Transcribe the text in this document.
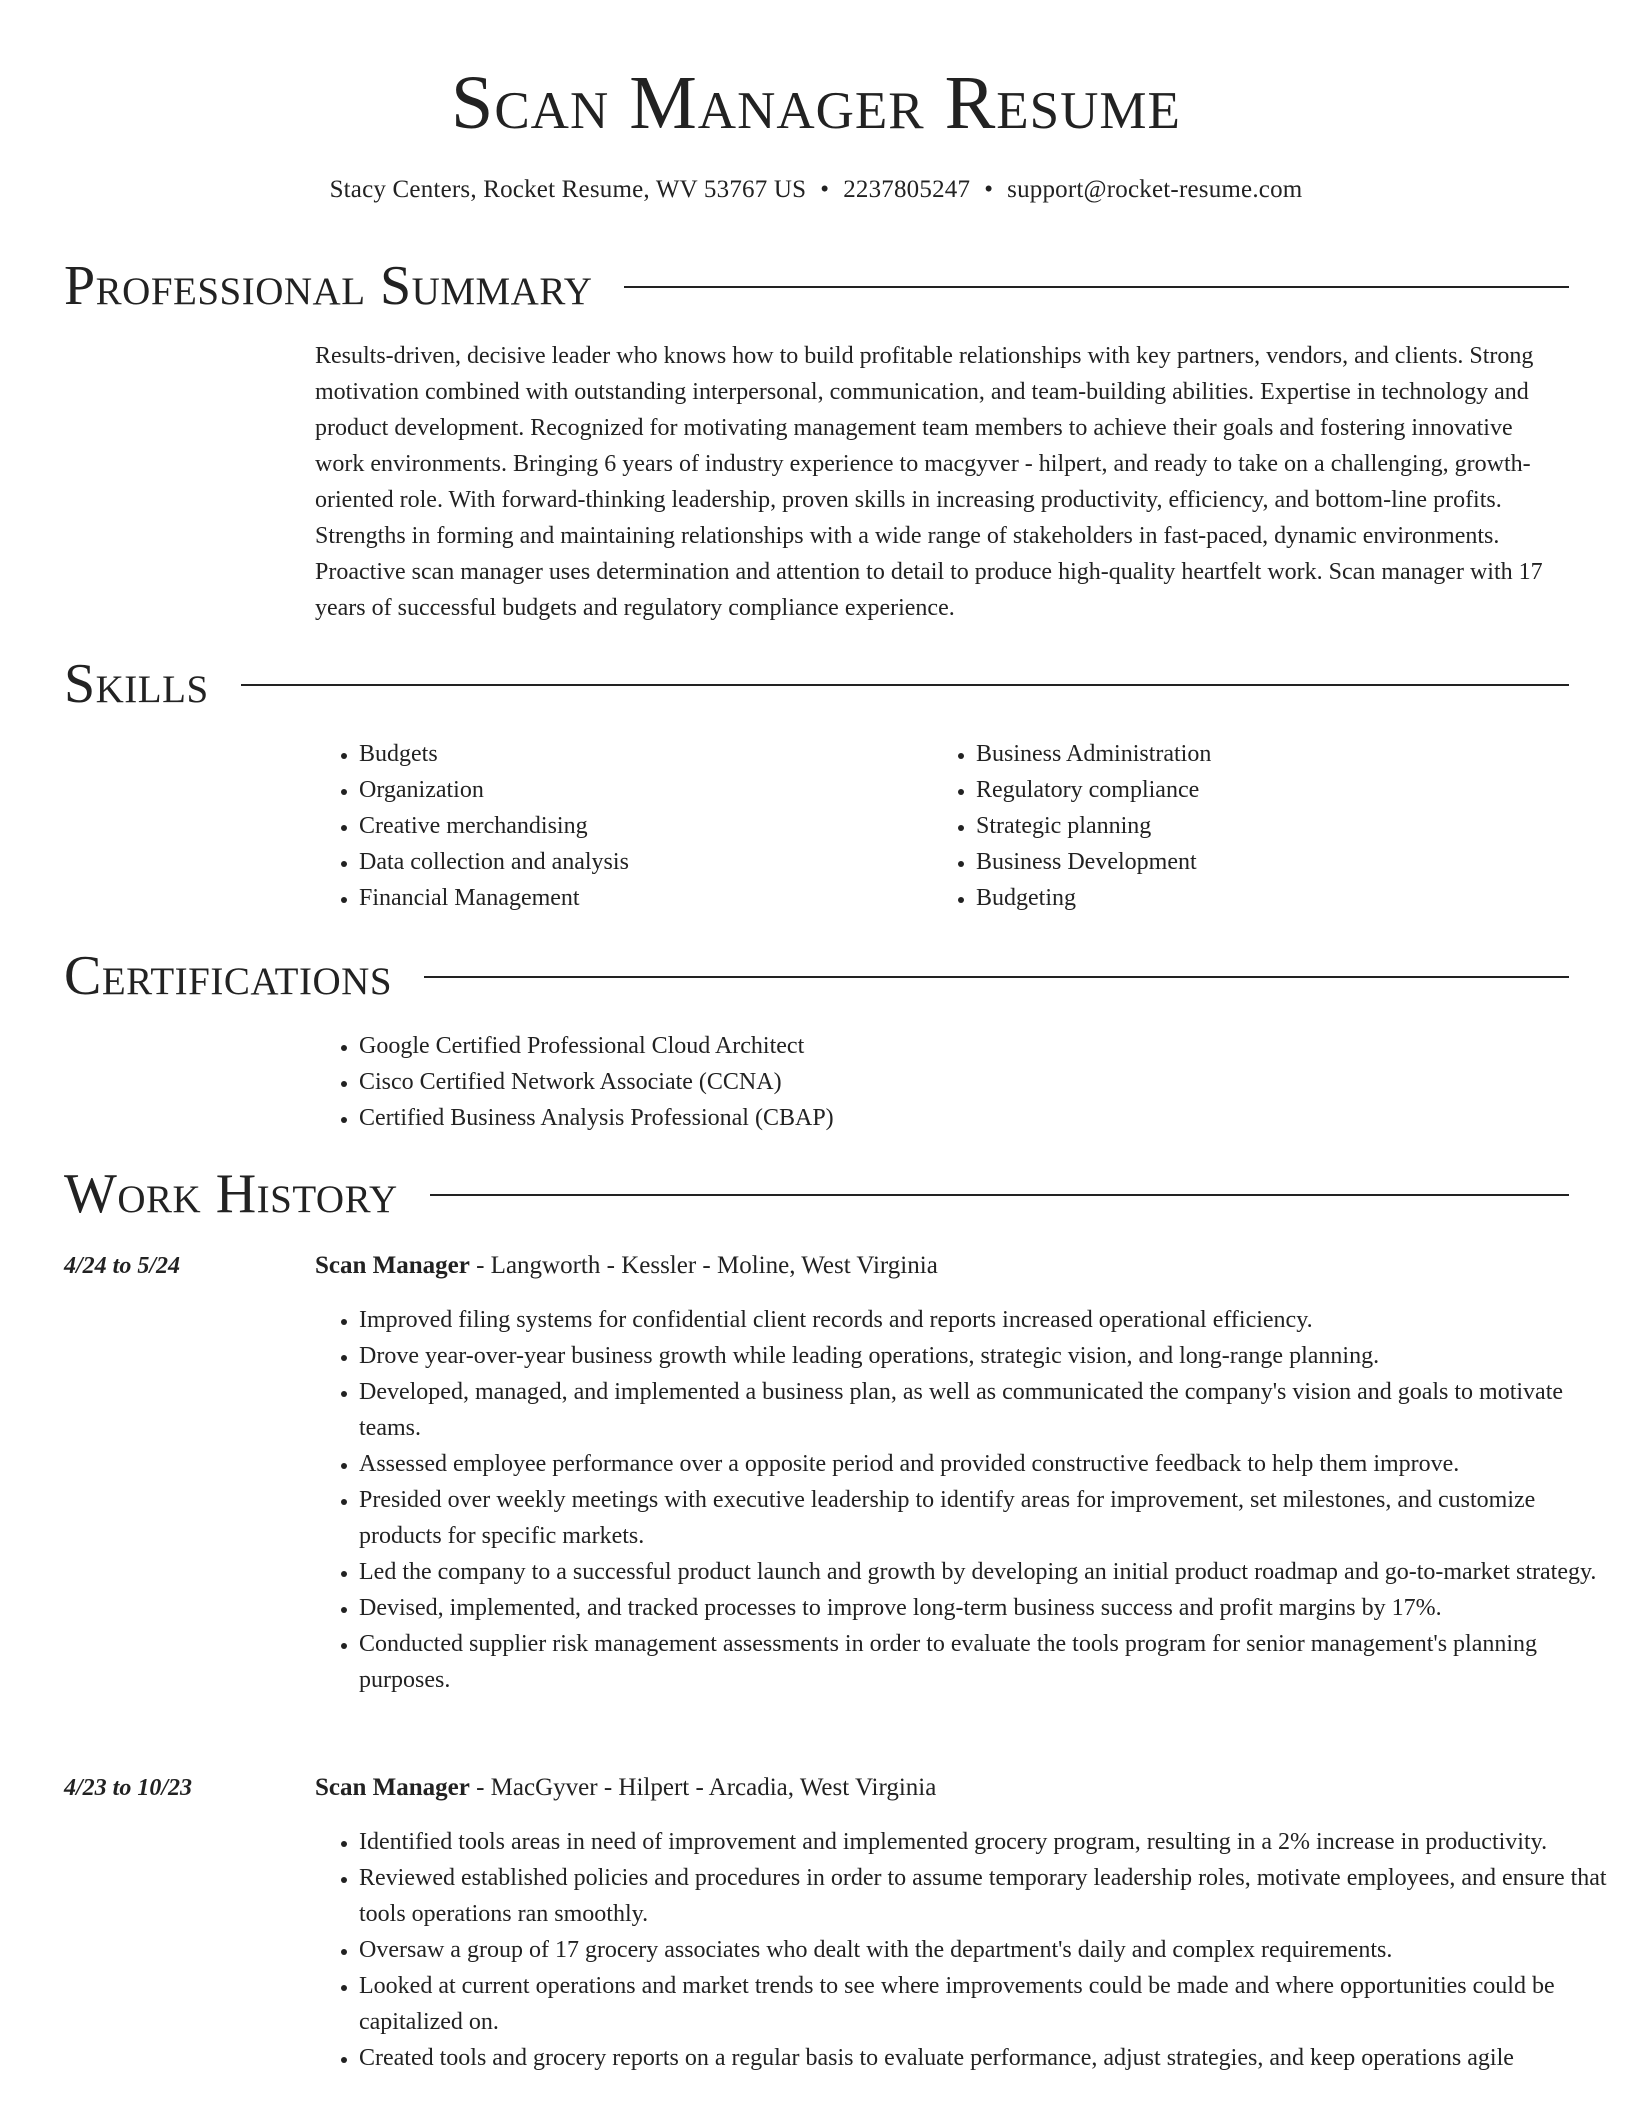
Scan Manager Resume
Stacy Centers, Rocket Resume, WV 53767 US • 2237805247 • support@rocket-resume.com
Professional Summary

Results-driven, decisive leader who knows how to build profitable relationships with key partners, vendors, and clients. Strong motivation combined with outstanding interpersonal, communication, and team-building abilities. Expertise in technology and product development. Recognized for motivating management team members to achieve their goals and fostering innovative work environments. Bringing 6 years of industry experience to macgyver - hilpert, and ready to take on a challenging, growth-oriented role. With forward-thinking leadership, proven skills in increasing productivity, efficiency, and bottom-line profits. Strengths in forming and maintaining relationships with a wide range of stakeholders in fast-paced, dynamic environments. Proactive scan manager uses determination and attention to detail to produce high-quality heartfelt work. Scan manager with 17 years of successful budgets and regulatory compliance experience.

Skills
• Budgets
• Organization
• Creative merchandising
• Data collection and analysis
• Financial Management
• Business Administration
• Regulatory compliance
• Strategic planning
• Business Development
• Budgeting
Certifications
• Google Certified Professional Cloud Architect
• Cisco Certified Network Associate (CCNA)
• Certified Business Analysis Professional (CBAP)
Work History
4/24 to 5/24	Scan Manager - Langworth - Kessler - Moline, West Virginia
• Improved filing systems for confidential client records and reports increased operational efficiency.
• Drove year-over-year business growth while leading operations, strategic vision, and long-range planning.
• Developed, managed, and implemented a business plan, as well as communicated the company's vision and goals to motivate teams.
• Assessed employee performance over a opposite period and provided constructive feedback to help them improve.
• Presided over weekly meetings with executive leadership to identify areas for improvement, set milestones, and customize products for specific markets.
• Led the company to a successful product launch and growth by developing an initial product roadmap and go-to-market strategy.
• Devised, implemented, and tracked processes to improve long-term business success and profit margins by 17%.
• Conducted supplier risk management assessments in order to evaluate the tools program for senior management's planning purposes.
4/23 to 10/23	Scan Manager - MacGyver - Hilpert - Arcadia, West Virginia
• Identified tools areas in need of improvement and implemented grocery program, resulting in a 2% increase in productivity.
• Reviewed established policies and procedures in order to assume temporary leadership roles, motivate employees, and ensure that tools operations ran smoothly.
• Oversaw a group of 17 grocery associates who dealt with the department's daily and complex requirements.
• Looked at current operations and market trends to see where improvements could be made and where opportunities could be capitalized on.
• Created tools and grocery reports on a regular basis to evaluate performance, adjust strategies, and keep operations agile
